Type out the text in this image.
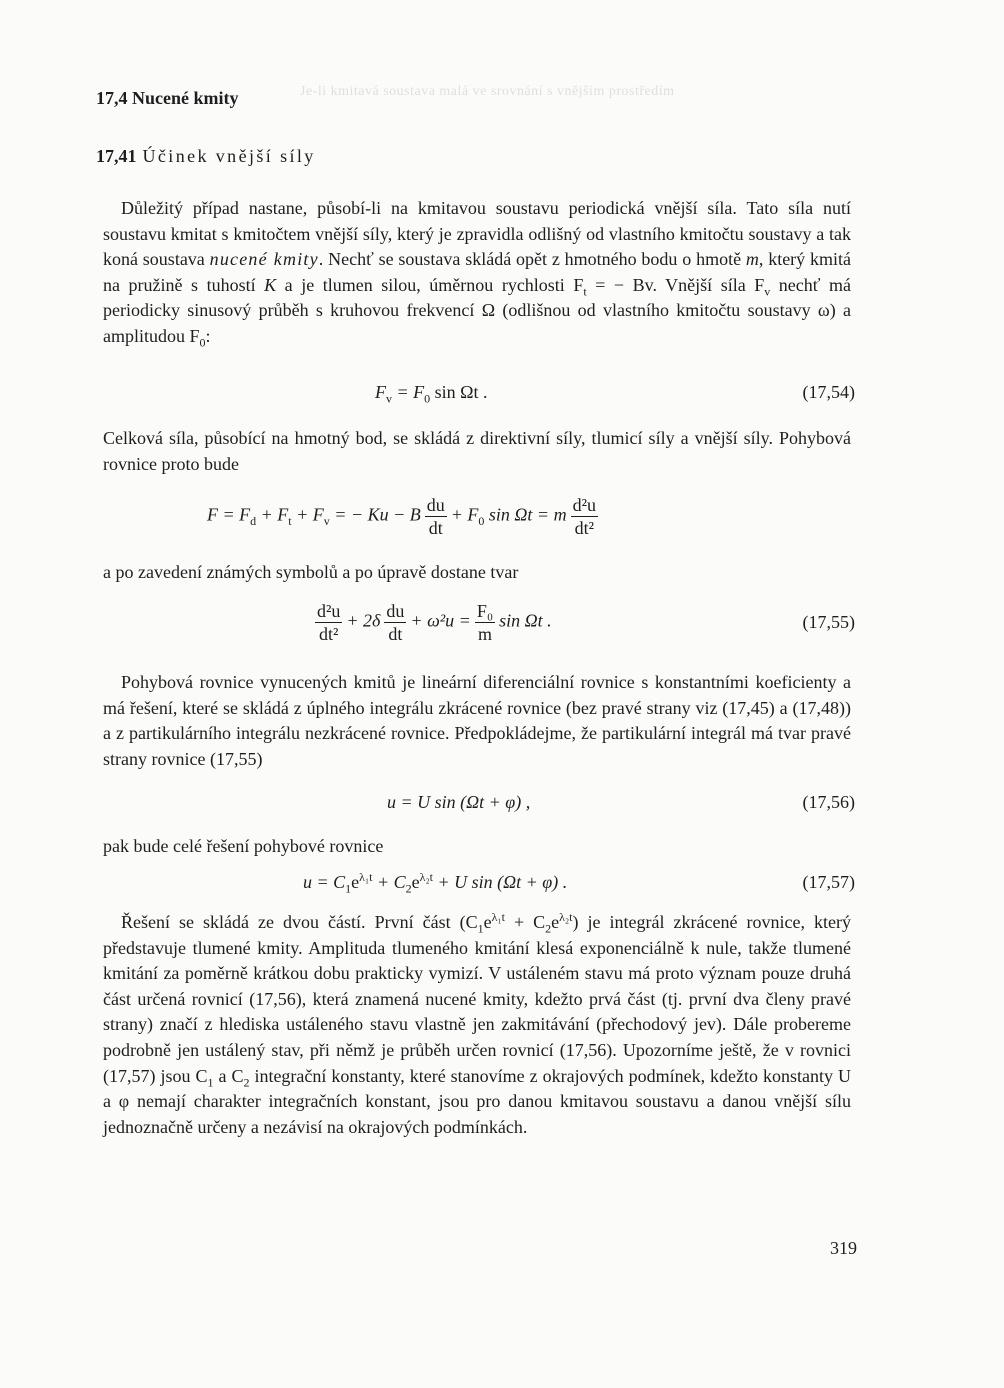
Je-li kmitavá soustava malá ve srovnání s vnějším prostředím
17,4 Nucené kmity
17,41 Účinek vnější síly

Důležitý případ nastane, působí-li na kmitavou soustavu periodická vnější síla. Tato síla nutí soustavu kmitat s kmitočtem vnější síly, který je zpravidla odlišný od vlastního kmitočtu soustavy a tak koná soustava nucené kmity. Nechť se soustava skládá opět z hmotného bodu o hmotě m, který kmitá na pružině s tuhostí K a je tlumen silou, úměrnou rychlosti $F_t$ = − Bv. Vnější síla $F_v$ nechť má periodicky sinusový průběh s kruhovou frekvencí Ω (odlišnou od vlastního kmitočtu soustavy ω) a amplitudou $F_0$:

$F_v = F_0$ sin Ωt .	(17,54)

Celková síla, působící na hmotný bod, se skládá z direktivní síly, tlumicí síly a vnější síly. Pohybová rovnice proto bude

$F = F_d + F_t + F_v$ = − Ku − B $\frac{du}{dt} + F_0$ sin Ωt = m $\frac{\text{d²u}}{\text{dt²}}$

a po zavedení známých symbolů a po úpravě dostane tvar

$\frac{\text{d²u}}{\text{dt²}} + 2\delta \frac{du}{dt} + \omega^2u = \frac{\text{F₀}}{m}$ sin Ωt .	(17,55)

Pohybová rovnice vynucených kmitů je lineární diferenciální rovnice s konstantními koeficienty a má řešení, které se skládá z úplného integrálu zkrácené rovnice (bez pravé strany viz (17,45) a (17,48)) a z partikulárního integrálu nezkrácené rovnice. Předpokládejme, že partikulární integrál má tvar pravé strany rovnice (17,55)

u = U sin (Ωt + φ) ,	(17,56)

pak bude celé řešení pohybové rovnice

$u = C_1e^{\lambda_1t} + C_2e^{\lambda_2t} + U$ sin (Ωt + φ) .	(17,57)

Řešení se skládá ze dvou částí. První část $(C_1e^{\lambda_1t} + C_2e^{\lambda_2t})$ je integrál zkrácené rovnice, který představuje tlumené kmity. Amplituda tlumeného kmitání klesá exponenciálně k nule, takže tlumené kmitání za poměrně krátkou dobu prakticky vymizí. V ustáleném stavu má proto význam pouze druhá část určená rovnicí (17,56), která znamená nucené kmity, kdežto prvá část (tj. první dva členy pravé strany) značí z hlediska ustáleného stavu vlastně jen zakmitávání (přechodový jev). Dále probereme podrobně jen ustálený stav, při němž je průběh určen rovnicí (17,56). Upozorníme ještě, že v rovnici (17,57) jsou $C_1$ a $C_2$ integrační konstanty, které stanovíme z okrajových podmínek, kdežto konstanty U a φ nemají charakter integračních konstant, jsou pro danou kmitavou soustavu a danou vnější sílu jednoznačně určeny a nezávisí na okrajových podmínkách.

319
